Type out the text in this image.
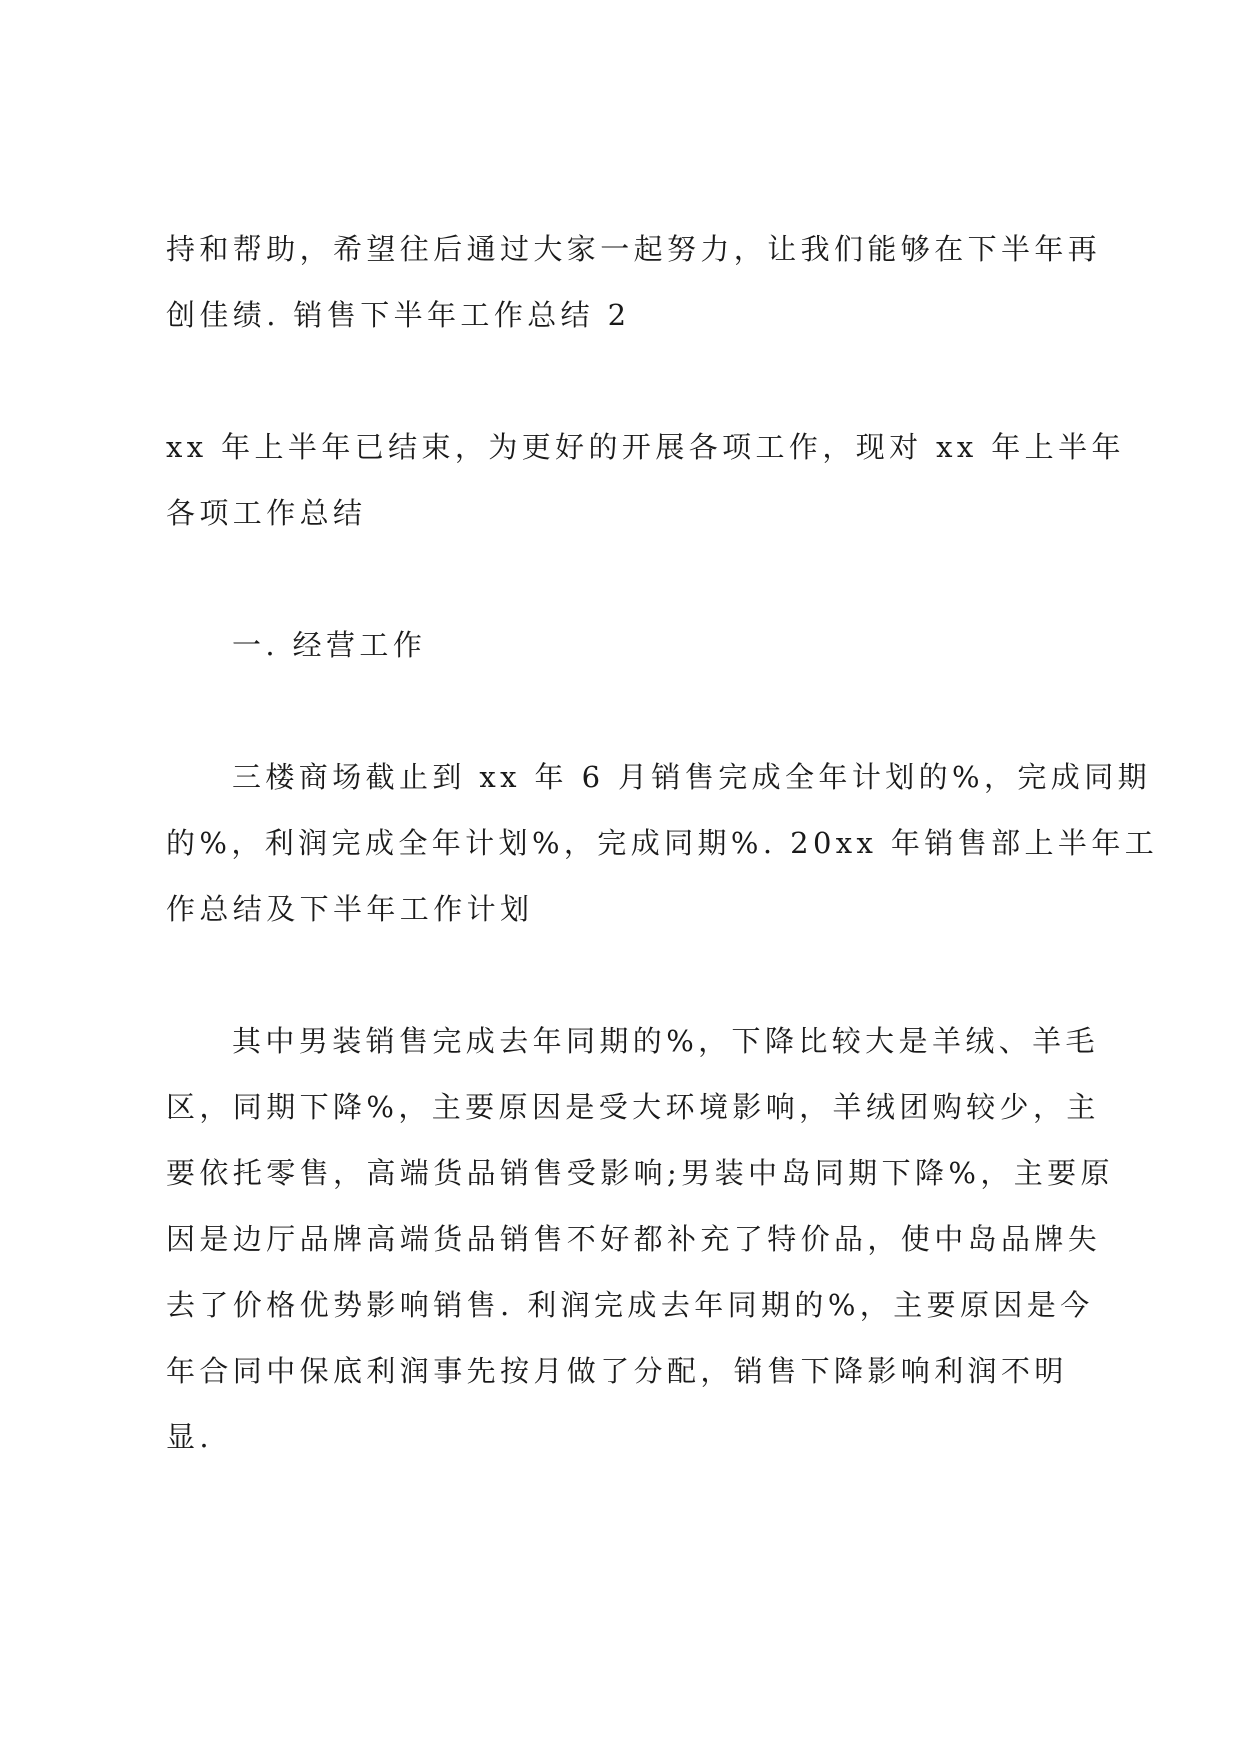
持和帮助，希望往后通过大家一起努力，让我们能够在下半年再

创佳绩. 销售下半年工作总结 2

xx 年上半年已结束，为更好的开展各项工作，现对 xx 年上半年

各项工作总结

一. 经营工作

三楼商场截止到 xx 年 6 月销售完成全年计划的%，完成同期

的%，利润完成全年计划%，完成同期%. 20xx 年销售部上半年工

作总结及下半年工作计划

其中男装销售完成去年同期的%，下降比较大是羊绒、羊毛

区，同期下降%，主要原因是受大环境影响，羊绒团购较少，主

要依托零售，高端货品销售受影响;男装中岛同期下降%，主要原

因是边厅品牌高端货品销售不好都补充了特价品，使中岛品牌失

去了价格优势影响销售. 利润完成去年同期的%，主要原因是今

年合同中保底利润事先按月做了分配，销售下降影响利润不明

显.
